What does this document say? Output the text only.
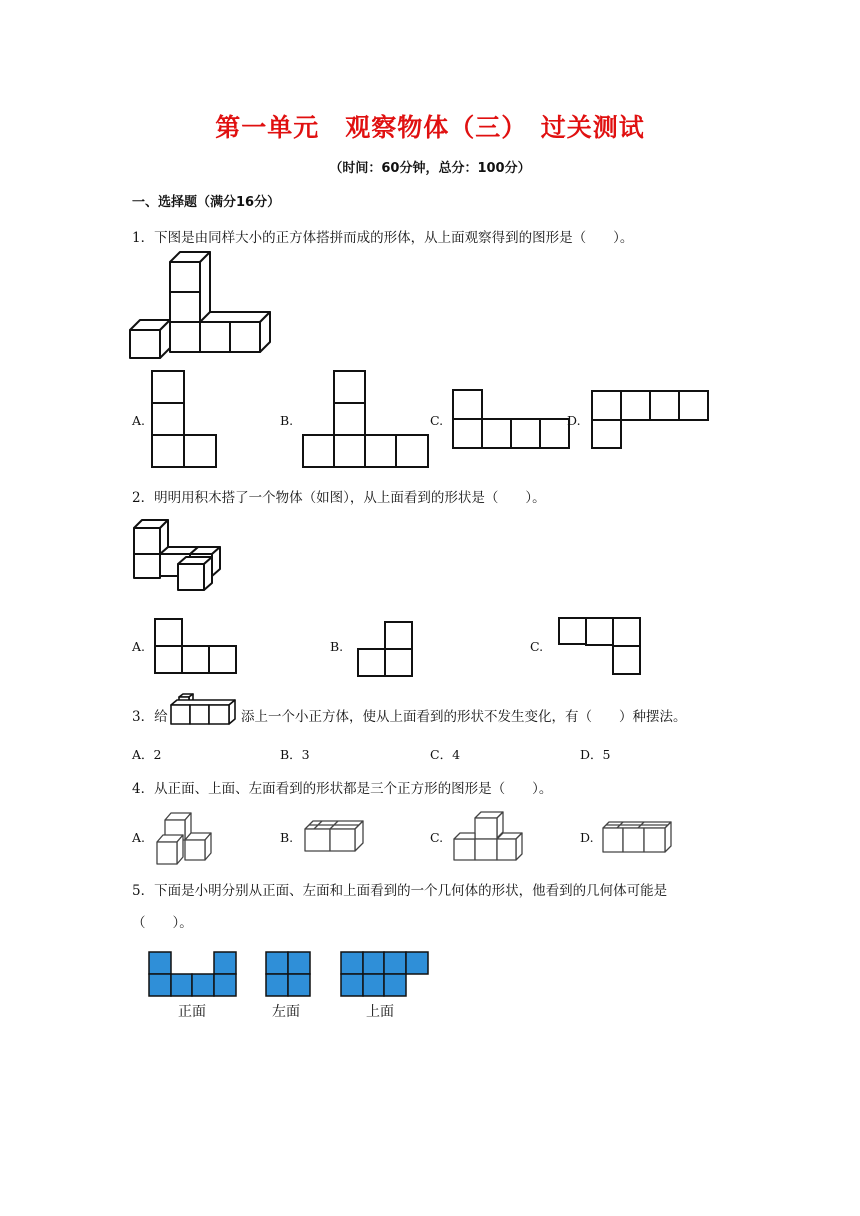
第一单元　观察物体（三）　过关测试
（时间：60分钟，总分：100分）
一、选择题（满分16分）
1．下图是由同样大小的正方体搭拼而成的形体，从上面观察得到的图形是（　　）。
A.	B.	C.	D.
2．明明用积木搭了一个物体（如图），从上面看到的形状是（　　）。
A.	B.	C.
3．给	添上一个小正方体，使从上面看到的形状不发生变化，有（　　）种摆法。
A．2	B．3	C．4	D．5
4．从正面、上面、左面看到的形状都是三个正方形的图形是（　　）。
A.	B.	C.	D.
5．下面是小明分别从正面、左面和上面看到的一个几何体的形状，他看到的几何体可能是
（　　）。
正面	左面	上面
